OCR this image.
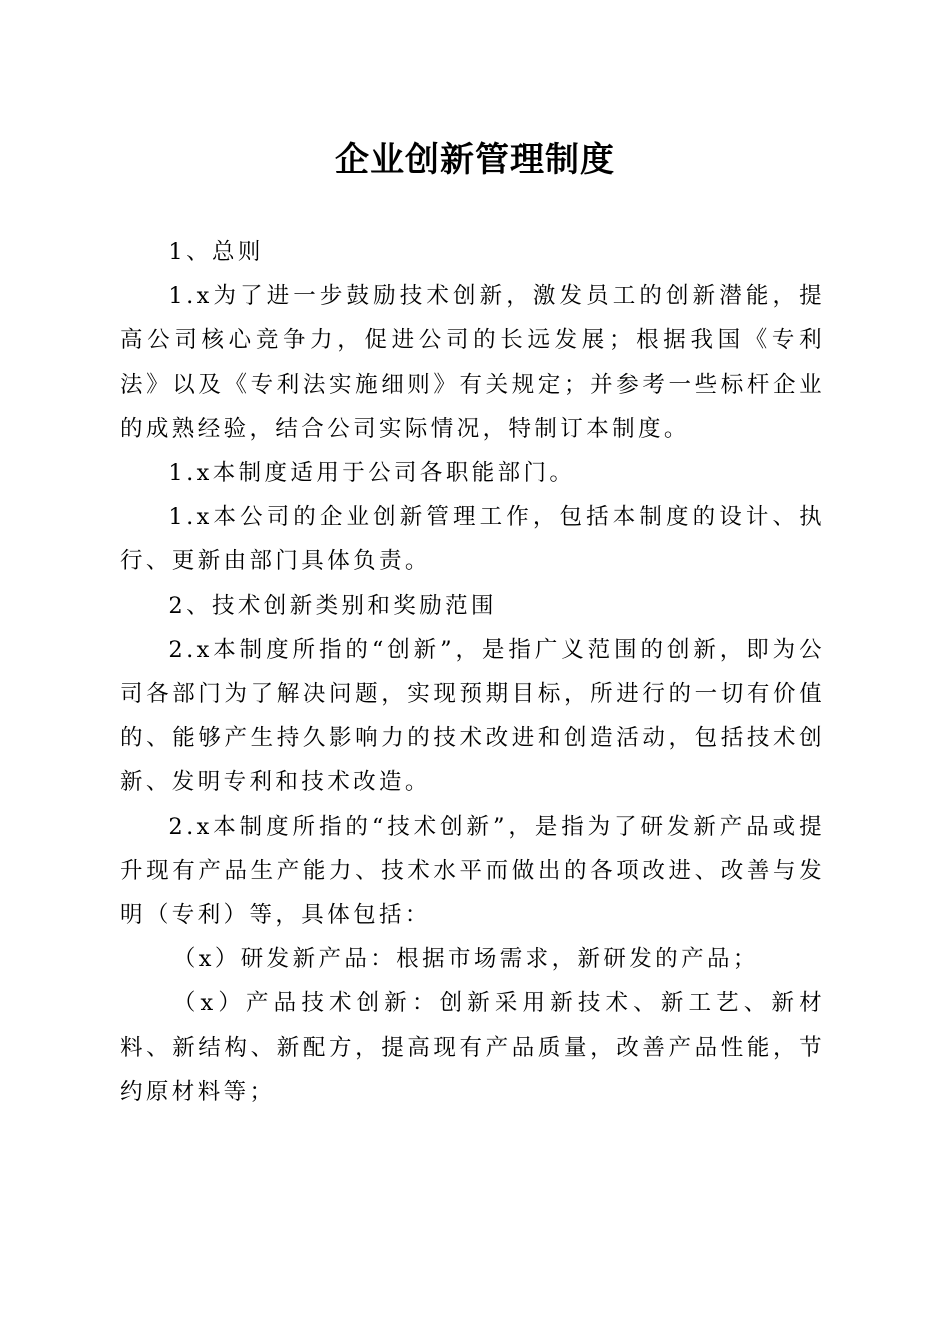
企业创新管理制度

1、总则

1.x为了进一步鼓励技术创新，激发员工的创新潜能，提高公司核心竞争力，促进公司的长远发展；根据我国《专利法》以及《专利法实施细则》有关规定；并参考一些标杆企业的成熟经验，结合公司实际情况，特制订本制度。

1.x本制度适用于公司各职能部门。

1.x本公司的企业创新管理工作，包括本制度的设计、执行、更新由部门具体负责。

2、技术创新类别和奖励范围

2.x本制度所指的“创新”，是指广义范围的创新，即为公司各部门为了解决问题，实现预期目标，所进行的一切有价值的、能够产生持久影响力的技术改进和创造活动，包括技术创新、发明专利和技术改造。

2.x本制度所指的“技术创新”，是指为了研发新产品或提升现有产品生产能力、技术水平而做出的各项改进、改善与发明（专利）等，具体包括：

（x）研发新产品：根据市场需求，新研发的产品；

（x）产品技术创新：创新采用新技术、新工艺、新材料、新结构、新配方，提高现有产品质量，改善产品性能，节约原材料等；
